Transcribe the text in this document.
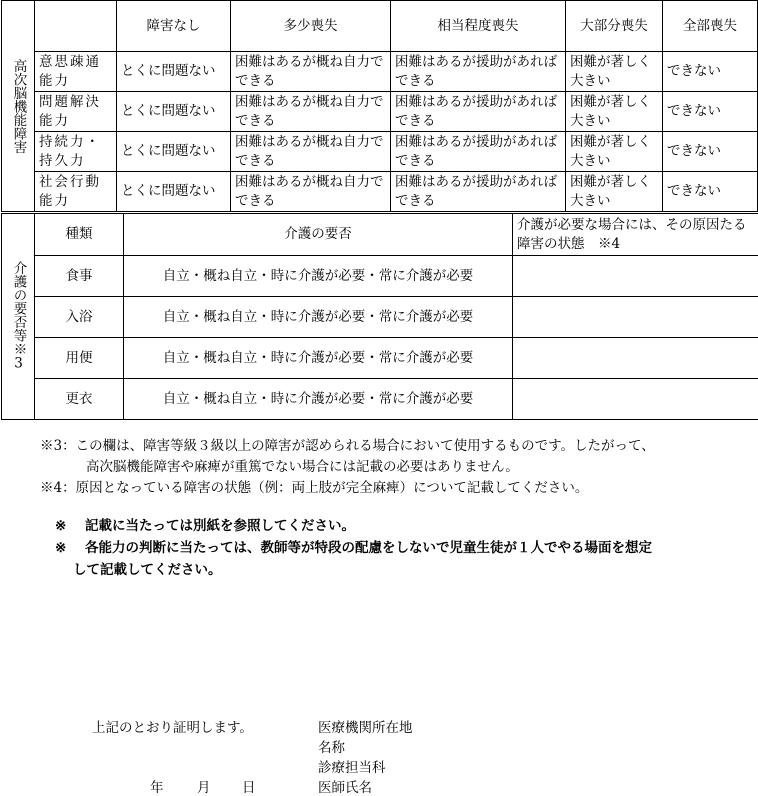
高次脳機能障害		障害なし	多少喪失	相当程度喪失	大部分喪失	全部喪失
	意思疎通能力	とくに問題ない	困難はあるが概ね自力でできる	困難はあるが援助があればできる	困難が著しく大きい	できない
	問題解決能力	とくに問題ない	困難はあるが概ね自力でできる	困難はあるが援助があればできる	困難が著しく大きい	できない
	持続力・持久力	とくに問題ない	困難はあるが概ね自力でできる	困難はあるが援助があればできる	困難が著しく大きい	できない
	社会行動能力	とくに問題ない	困難はあるが概ね自力でできる	困難はあるが援助があればできる	困難が著しく大きい	できない
介護の要否等※3	種類	介護の要否	介護が必要な場合には、その原因たる障害の状態　※4
	食事	自立・概ね自立・時に介護が必要・常に介護が必要	
	入浴	自立・概ね自立・時に介護が必要・常に介護が必要	
	用便	自立・概ね自立・時に介護が必要・常に介護が必要	
	更衣	自立・概ね自立・時に介護が必要・常に介護が必要	
※3：この欄は、障害等級３級以上の障害が認められる場合において使用するものです。したがって、
高次脳機能障害や麻痺が重篤でない場合には記載の必要はありません。
※4：原因となっている障害の状態（例：両上肢が完全麻痺）について記載してください。
※	記載に当たっては別紙を参照してください。
※	各能力の判断に当たっては、教師等が特段の配慮をしないで児童生徒が１人でやる場面を想定
して記載してください。
上記のとおり証明します。
年 月 日
医療機関所在地
名称
診療担当科
医師氏名
